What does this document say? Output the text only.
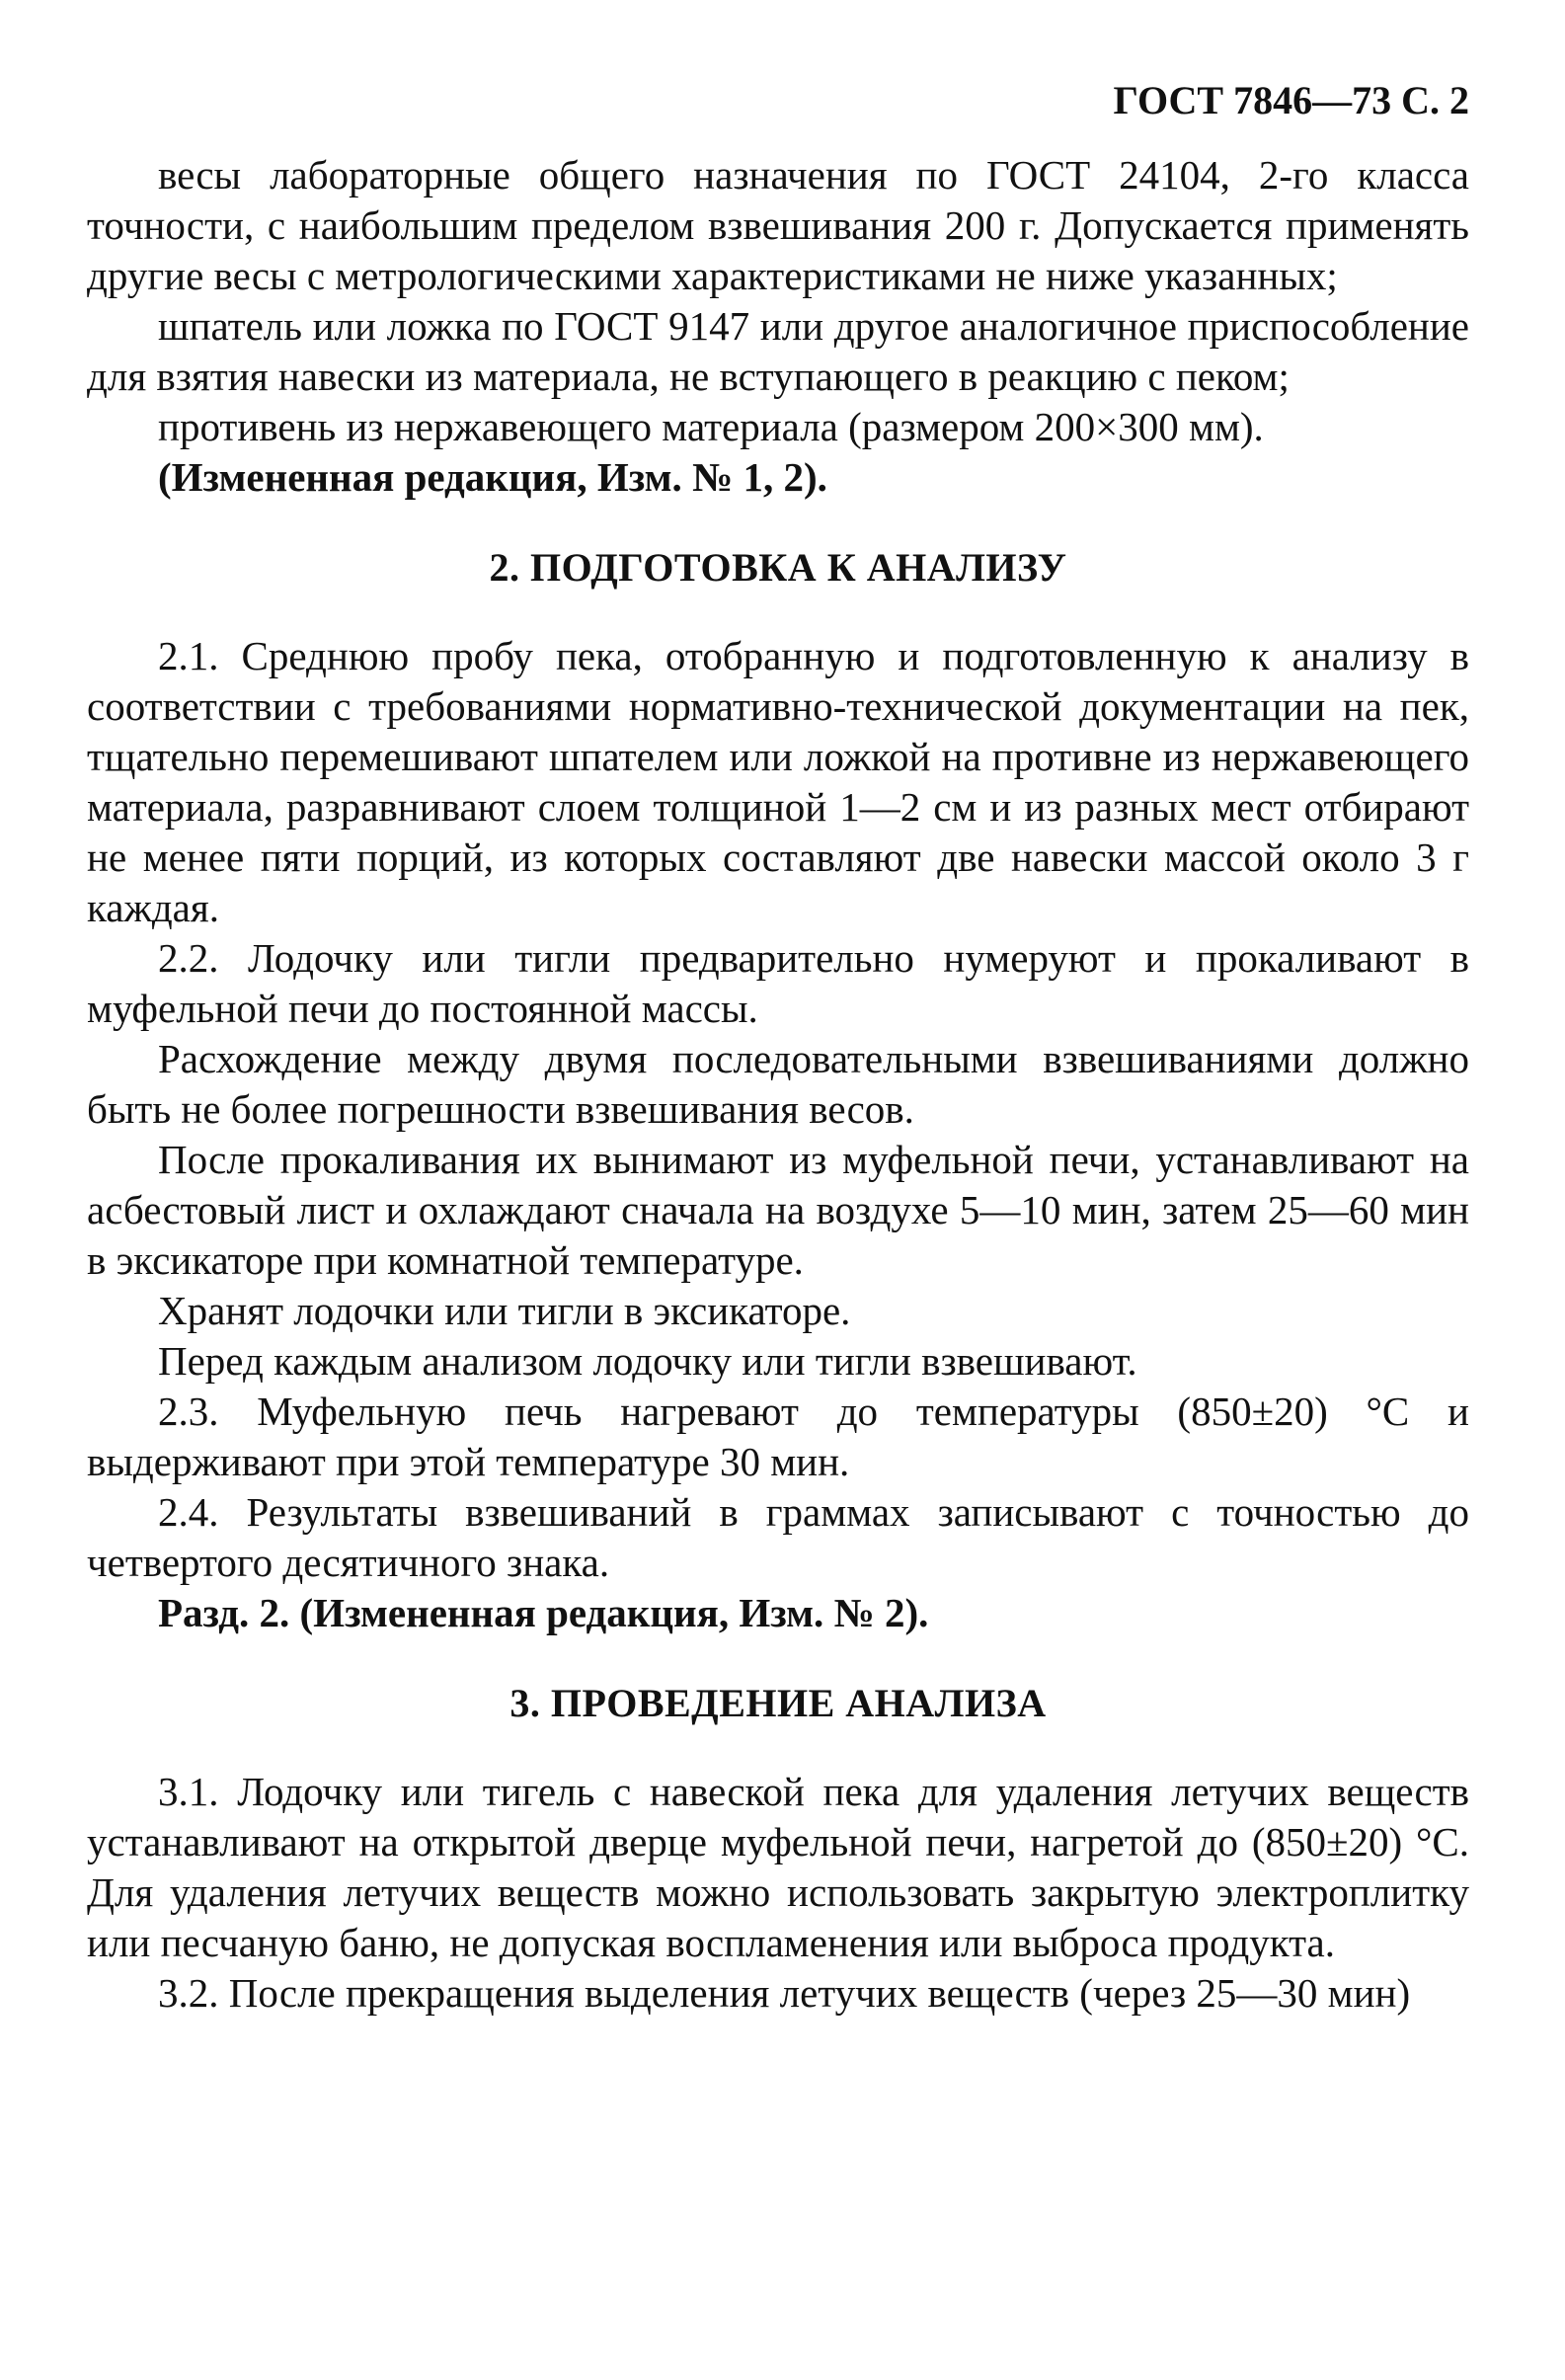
ГОСТ 7846—73 С. 2

весы лабораторные общего назначения по ГОСТ 24104, 2-го класса точности, с наибольшим пределом взвешивания 200 г. Допускается применять другие весы с метрологическими характеристиками не ниже указанных;

шпатель или ложка по ГОСТ 9147 или другое аналогичное приспособление для взятия навески из материала, не вступающего в реакцию с пеком;

противень из нержавеющего материала (размером 200×300 мм).

(Измененная редакция, Изм. № 1, 2).

2. ПОДГОТОВКА К АНАЛИЗУ

2.1. Среднюю пробу пека, отобранную и подготовленную к анализу в соответствии с требованиями нормативно-технической документации на пек, тщательно перемешивают шпателем или ложкой на противне из нержавеющего материала, разравнивают слоем толщиной 1—2 см и из разных мест отбирают не менее пяти порций, из которых составляют две навески массой около 3 г каждая.

2.2. Лодочку или тигли предварительно нумеруют и прокаливают в муфельной печи до постоянной массы.

Расхождение между двумя последовательными взвешиваниями должно быть не более погрешности взвешивания весов.

После прокаливания их вынимают из муфельной печи, устанавливают на асбестовый лист и охлаждают сначала на воздухе 5—10 мин, затем 25—60 мин в эксикаторе при комнатной температуре.

Хранят лодочки или тигли в эксикаторе.

Перед каждым анализом лодочку или тигли взвешивают.

2.3. Муфельную печь нагревают до температуры (850±20) °С и выдерживают при этой температуре 30 мин.

2.4. Результаты взвешиваний в граммах записывают с точностью до четвертого десятичного знака.

Разд. 2. (Измененная редакция, Изм. № 2).

3. ПРОВЕДЕНИЕ АНАЛИЗА

3.1. Лодочку или тигель с навеской пека для удаления летучих веществ устанавливают на открытой дверце муфельной печи, нагретой до (850±20) °С. Для удаления летучих веществ можно использовать закрытую электроплитку или песчаную баню, не допуская воспламенения или выброса продукта.

3.2. После прекращения выделения летучих веществ (через 25—30 мин)
